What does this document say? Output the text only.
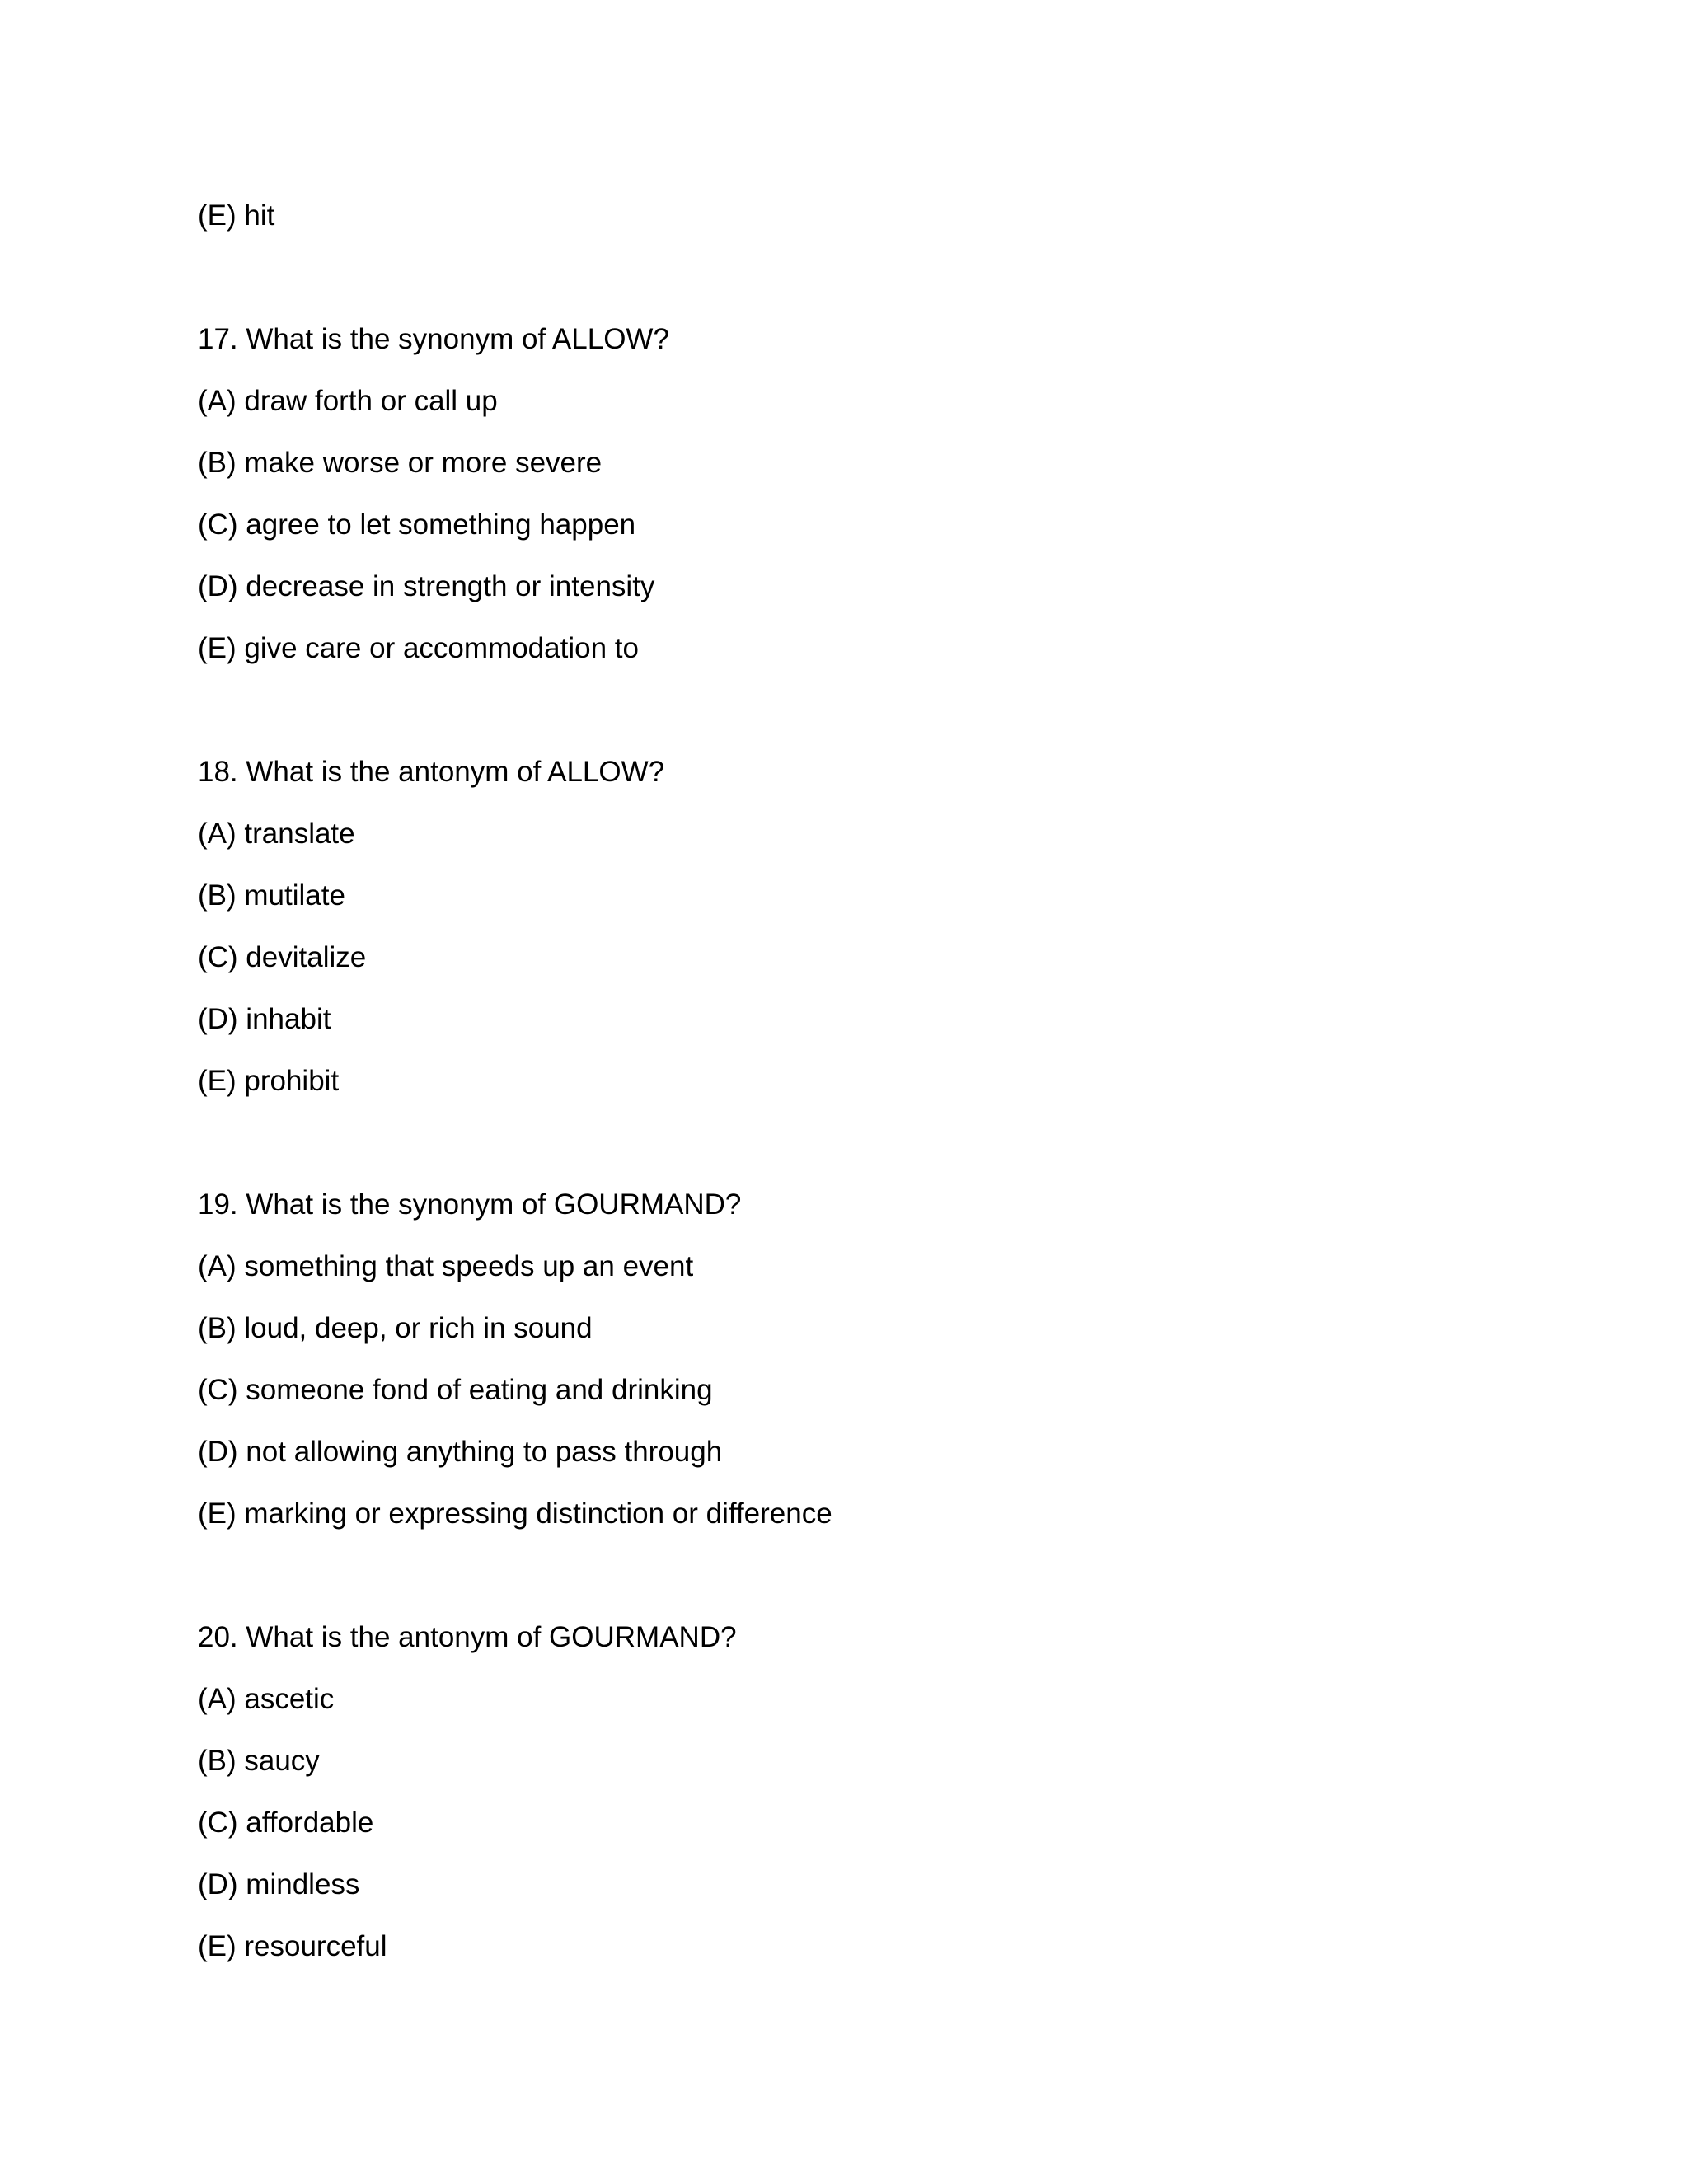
(E) hit

17. What is the synonym of ALLOW?

(A) draw forth or call up

(B) make worse or more severe

(C) agree to let something happen

(D) decrease in strength or intensity

(E) give care or accommodation to

18. What is the antonym of ALLOW?

(A) translate

(B) mutilate

(C) devitalize

(D) inhabit

(E) prohibit

19. What is the synonym of GOURMAND?

(A) something that speeds up an event

(B) loud, deep, or rich in sound

(C) someone fond of eating and drinking

(D) not allowing anything to pass through

(E) marking or expressing distinction or difference

20. What is the antonym of GOURMAND?

(A) ascetic

(B) saucy

(C) affordable

(D) mindless

(E) resourceful
